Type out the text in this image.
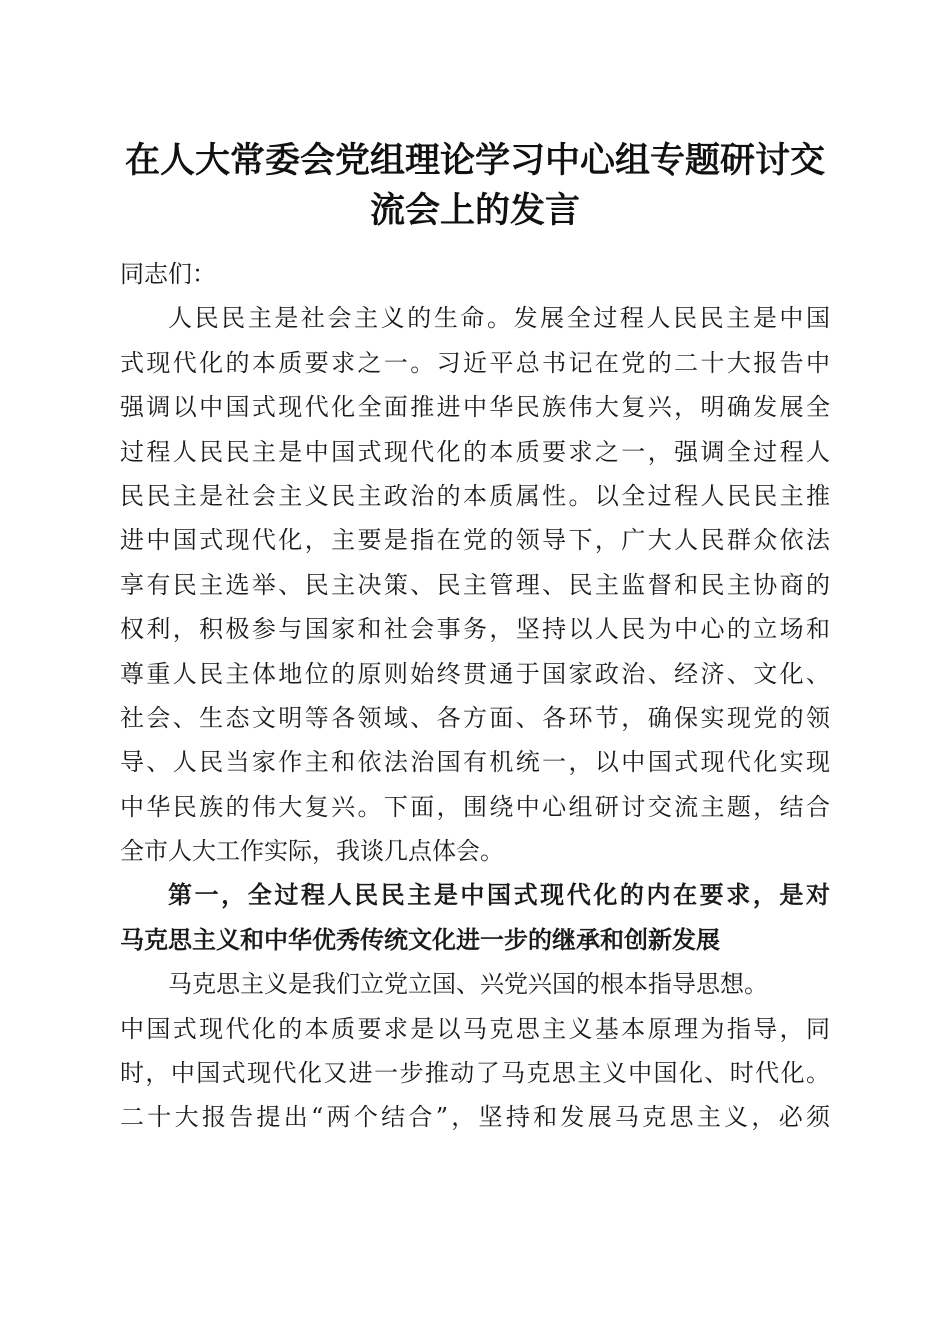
在人大常委会党组理论学习中心组专题研讨交
流会上的发言
同志们：
人民民主是社会主义的生命。发展全过程人民民主是中国
式现代化的本质要求之一。习近平总书记在党的二十大报告中
强调以中国式现代化全面推进中华民族伟大复兴，明确发展全
过程人民民主是中国式现代化的本质要求之一，强调全过程人
民民主是社会主义民主政治的本质属性。以全过程人民民主推
进中国式现代化，主要是指在党的领导下，广大人民群众依法
享有民主选举、民主决策、民主管理、民主监督和民主协商的
权利，积极参与国家和社会事务，坚持以人民为中心的立场和
尊重人民主体地位的原则始终贯通于国家政治、经济、文化、
社会、生态文明等各领域、各方面、各环节，确保实现党的领
导、人民当家作主和依法治国有机统一，以中国式现代化实现
中华民族的伟大复兴。下面，围绕中心组研讨交流主题，结合
全市人大工作实际，我谈几点体会。
第一，全过程人民民主是中国式现代化的内在要求，是对
马克思主义和中华优秀传统文化进一步的继承和创新发展
马克思主义是我们立党立国、兴党兴国的根本指导思想。
中国式现代化的本质要求是以马克思主义基本原理为指导，同
时，中国式现代化又进一步推动了马克思主义中国化、时代化。
二十大报告提出“两个结合”，坚持和发展马克思主义，必须
